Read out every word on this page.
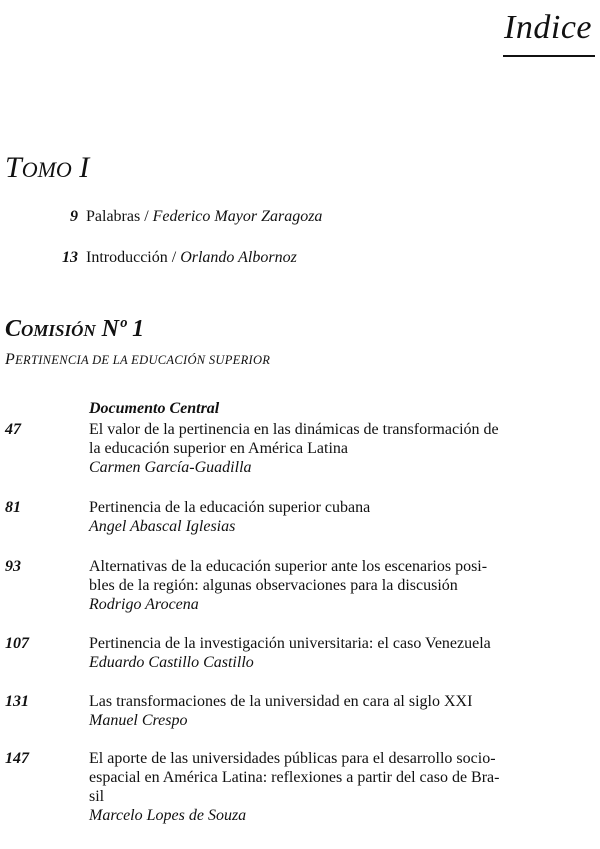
Indice
TOMO I
9 Palabras / Federico Mayor Zaragoza
13 Introducción / Orlando Albornoz
COMISIÓN Nº 1
PERTINENCIA DE LA EDUCACIÓN SUPERIOR
Documento Central
47	El valor de la pertinencia en las dinámicas de transformación de
la educación superior en América Latina
Carmen García-Guadilla
81	Pertinencia de la educación superior cubana
Angel Abascal Iglesias
93	Alternativas de la educación superior ante los escenarios posi-
bles de la región: algunas observaciones para la discusión
Rodrigo Arocena
107	Pertinencia de la investigación universitaria: el caso Venezuela
Eduardo Castillo Castillo
131	Las transformaciones de la universidad en cara al siglo XXI
Manuel Crespo
147	El aporte de las universidades públicas para el desarrollo socio-
espacial en América Latina: reflexiones a partir del caso de Bra-
sil
Marcelo Lopes de Souza
